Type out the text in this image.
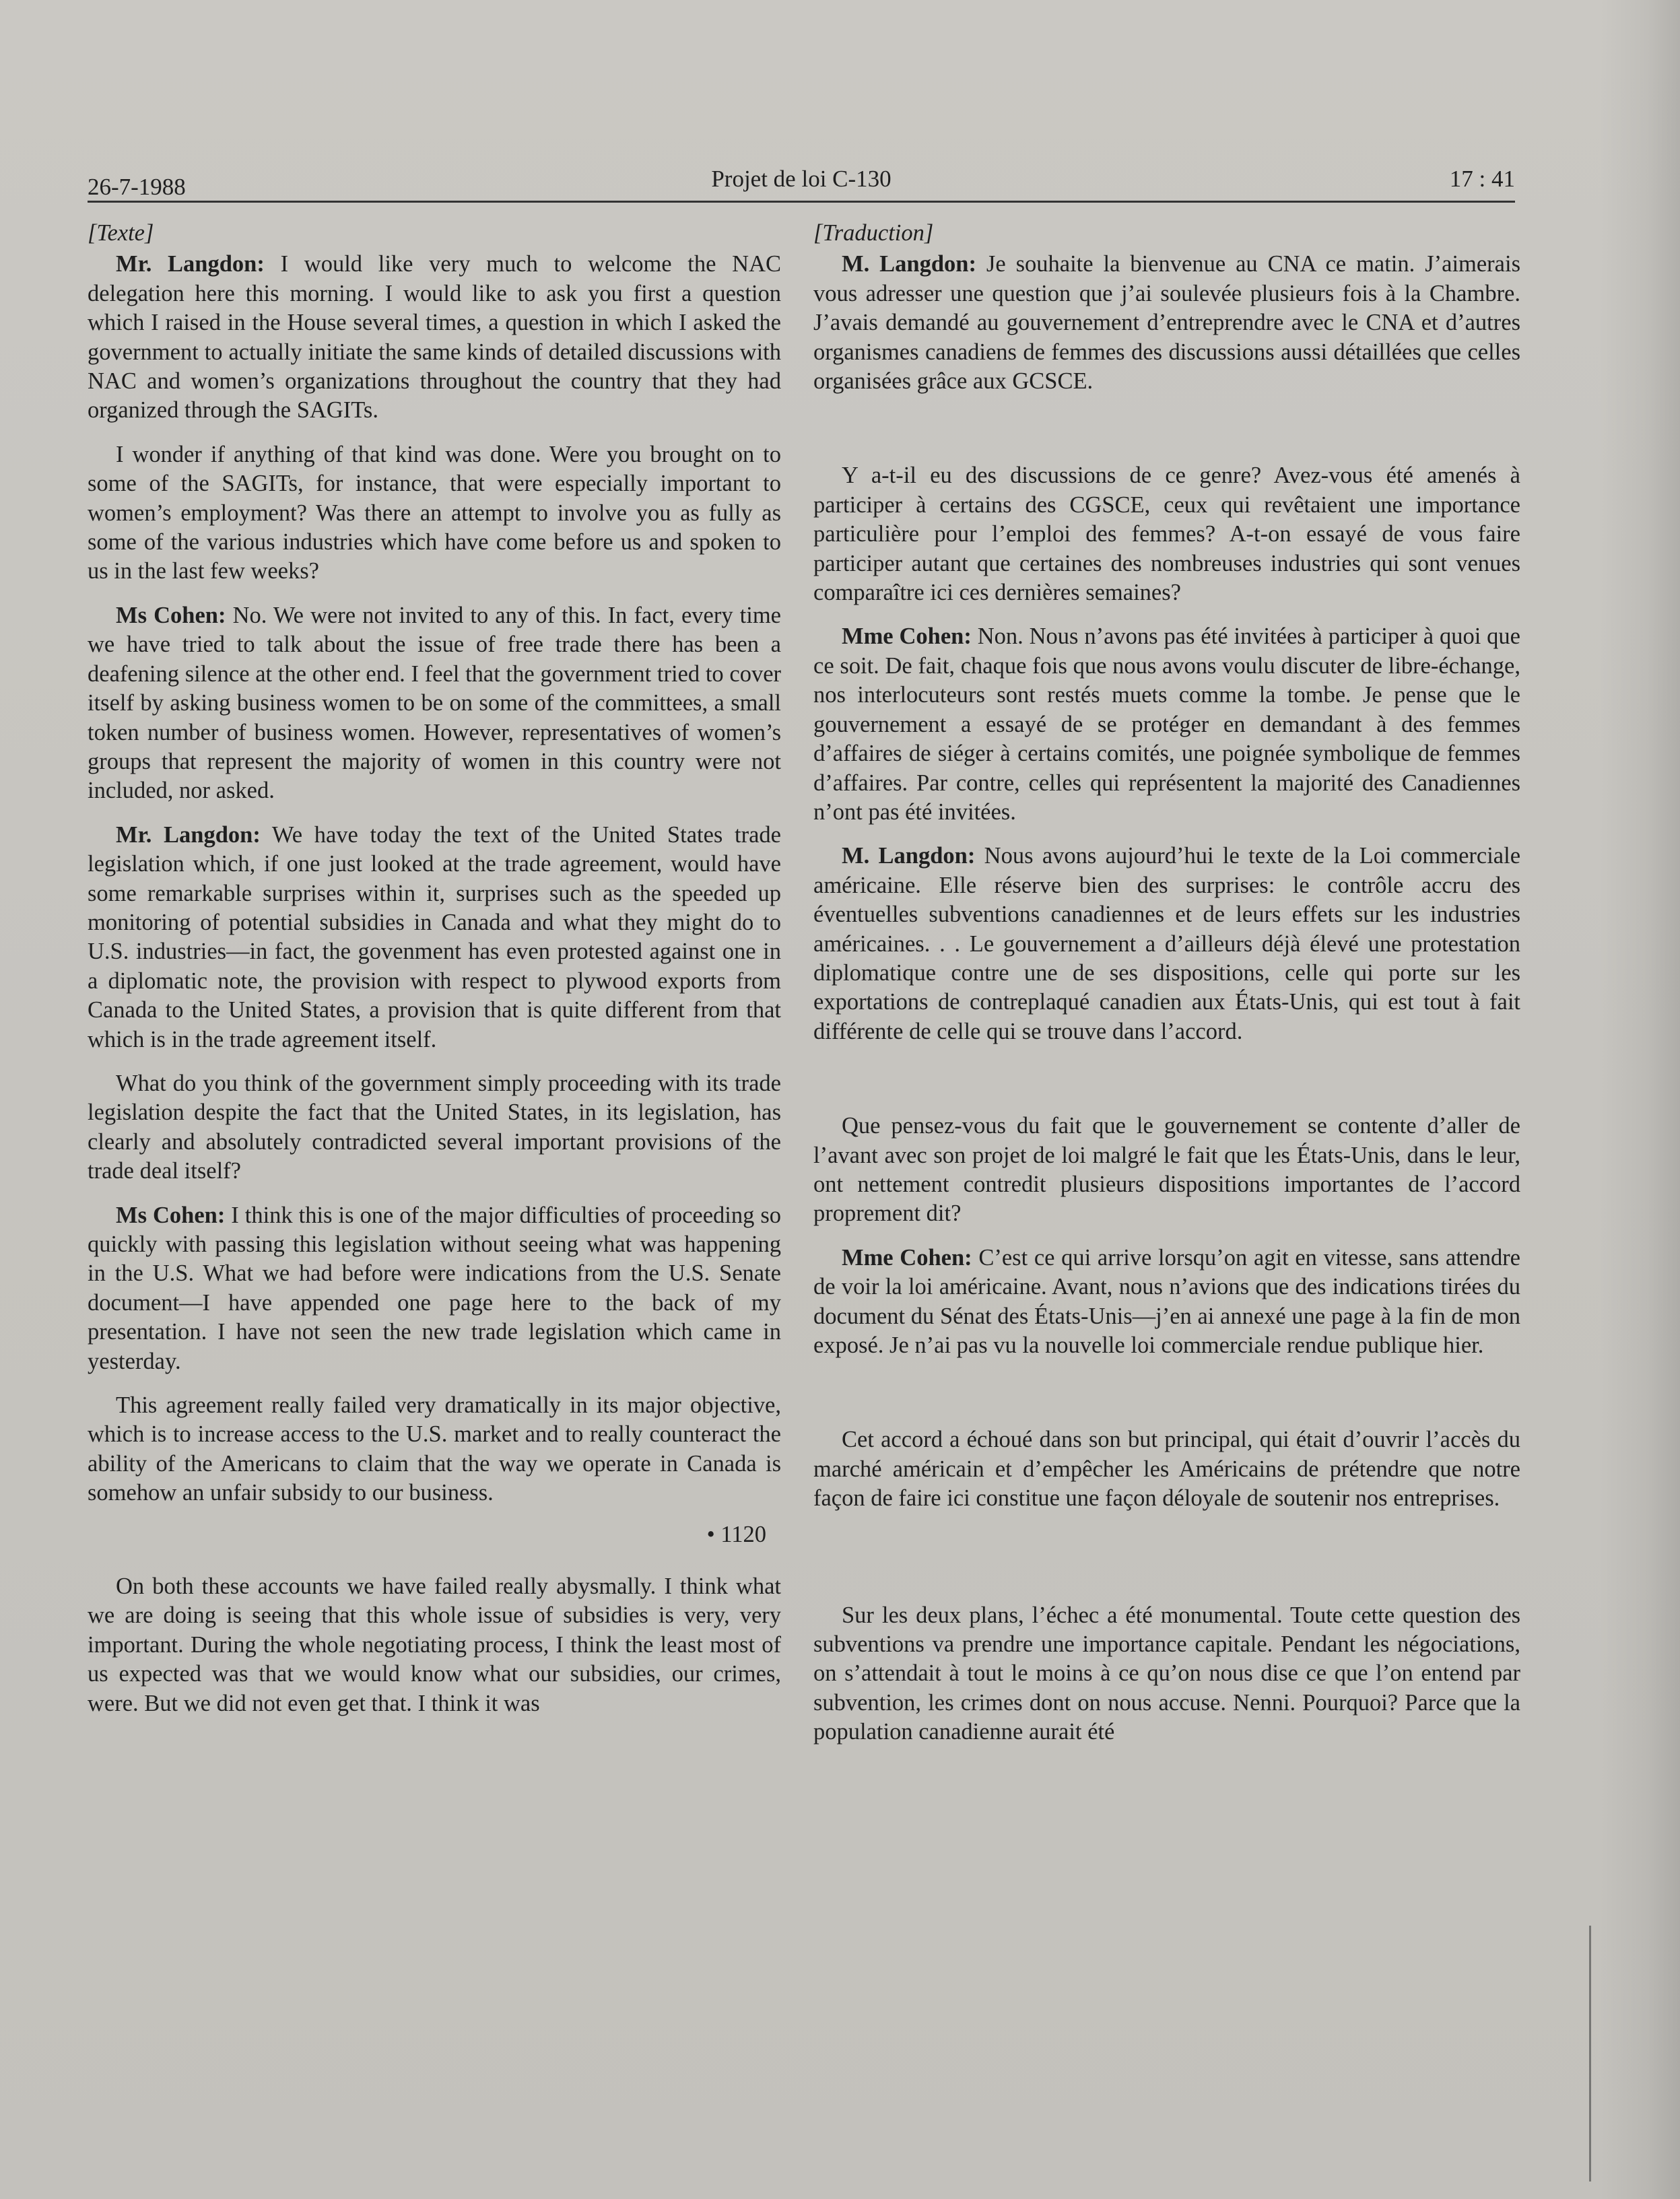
26-7-1988	Projet de loi C-130	17 : 41
[Texte]

Mr. Langdon: I would like very much to welcome the NAC delegation here this morning. I would like to ask you first a question which I raised in the House several times, a question in which I asked the government to actually initiate the same kinds of detailed discussions with NAC and women’s organizations throughout the country that they had organized through the SAGITs.

I wonder if anything of that kind was done. Were you brought on to some of the SAGITs, for instance, that were especially important to women’s employment? Was there an attempt to involve you as fully as some of the various industries which have come before us and spoken to us in the last few weeks?

Ms Cohen: No. We were not invited to any of this. In fact, every time we have tried to talk about the issue of free trade there has been a deafening silence at the other end. I feel that the government tried to cover itself by asking business women to be on some of the committees, a small token number of business women. However, representatives of women’s groups that represent the majority of women in this country were not included, nor asked.

Mr. Langdon: We have today the text of the United States trade legislation which, if one just looked at the trade agreement, would have some remarkable surprises within it, surprises such as the speeded up monitoring of potential subsidies in Canada and what they might do to U.S. industries—in fact, the govenment has even protested against one in a diplomatic note, the provision with respect to plywood exports from Canada to the United States, a provision that is quite different from that which is in the trade agreement itself.

What do you think of the government simply proceeding with its trade legislation despite the fact that the United States, in its legislation, has clearly and absolutely contradicted several important provisions of the trade deal itself?

Ms Cohen: I think this is one of the major difficulties of proceeding so quickly with passing this legislation without seeing what was happening in the U.S. What we had before were indications from the U.S. Senate document—I have appended one page here to the back of my presentation. I have not seen the new trade legislation which came in yesterday.

This agreement really failed very dramatically in its major objective, which is to increase access to the U.S. market and to really counteract the ability of the Americans to claim that the way we operate in Canada is somehow an unfair subsidy to our business.

• 1120

On both these accounts we have failed really abysmally. I think what we are doing is seeing that this whole issue of subsidies is very, very important. During the whole negotiating process, I think the least most of us expected was that we would know what our subsidies, our crimes, were. But we did not even get that. I think it was

[Traduction]

M. Langdon: Je souhaite la bienvenue au CNA ce matin. J’aimerais vous adresser une question que j’ai soulevée plusieurs fois à la Chambre. J’avais demandé au gouvernement d’entreprendre avec le CNA et d’autres organismes canadiens de femmes des discussions aussi détaillées que celles organisées grâce aux GCSCE.

Y a-t-il eu des discussions de ce genre? Avez-vous été amenés à participer à certains des CGSCE, ceux qui revêtaient une importance particulière pour l’emploi des femmes? A-t-on essayé de vous faire participer autant que certaines des nombreuses industries qui sont venues comparaître ici ces dernières semaines?

Mme Cohen: Non. Nous n’avons pas été invitées à participer à quoi que ce soit. De fait, chaque fois que nous avons voulu discuter de libre-échange, nos interlocuteurs sont restés muets comme la tombe. Je pense que le gouvernement a essayé de se protéger en demandant à des femmes d’affaires de siéger à certains comités, une poignée symbolique de femmes d’affaires. Par contre, celles qui représentent la majorité des Canadiennes n’ont pas été invitées.

M. Langdon: Nous avons aujourd’hui le texte de la Loi commerciale américaine. Elle réserve bien des surprises: le contrôle accru des éventuelles subventions canadiennes et de leurs effets sur les industries américaines. . . Le gouvernement a d’ailleurs déjà élevé une protestation diplomatique contre une de ses dispositions, celle qui porte sur les exportations de contreplaqué canadien aux États-Unis, qui est tout à fait différente de celle qui se trouve dans l’accord.

Que pensez-vous du fait que le gouvernement se contente d’aller de l’avant avec son projet de loi malgré le fait que les États-Unis, dans le leur, ont nettement contredit plusieurs dispositions importantes de l’accord proprement dit?

Mme Cohen: C’est ce qui arrive lorsqu’on agit en vitesse, sans attendre de voir la loi américaine. Avant, nous n’avions que des indications tirées du document du Sénat des États-Unis—j’en ai annexé une page à la fin de mon exposé. Je n’ai pas vu la nouvelle loi commerciale rendue publique hier.

Cet accord a échoué dans son but principal, qui était d’ouvrir l’accès du marché américain et d’empêcher les Américains de prétendre que notre façon de faire ici constitue une façon déloyale de soutenir nos entreprises.

Sur les deux plans, l’échec a été monumental. Toute cette question des subventions va prendre une importance capitale. Pendant les négociations, on s’attendait à tout le moins à ce qu’on nous dise ce que l’on entend par subvention, les crimes dont on nous accuse. Nenni. Pourquoi? Parce que la population canadienne aurait été
